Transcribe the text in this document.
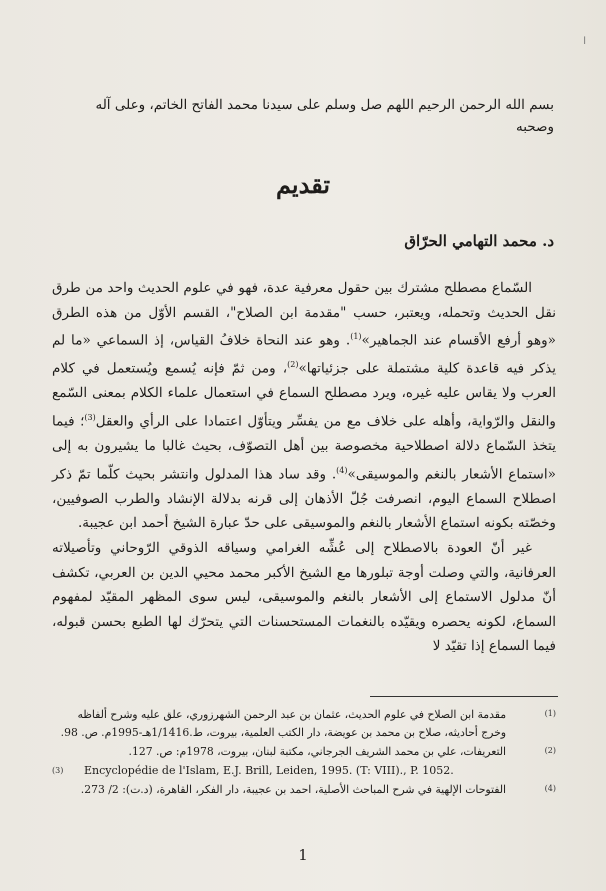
ا
بسم الله الرحمن الرحيم اللهم صل وسلم على سيدنا محمد الفاتح الخاتم، وعلى آله وصحبه
تقديم
د. محمد التهامي الحرّاق

السّماع مصطلح مشترك بين حقول معرفية عدة، فهو في علوم الحديث واحد من طرق نقل الحديث وتحمله، ويعتبر، حسب "مقدمة ابن الصلاح"، القسم الأوّل من هذه الطرق «وهو أرفع الأقسام عند الجماهير»$^{(1)}$. وهو عند النحاة خلافُ القياس، إذ السماعي «ما لم يذكر فيه قاعدة كلية مشتملة على جزئياتها»$^{(2)}$، ومن ثمّ فإنه يُسمع ويُستعمل في كلام العرب ولا يقاس عليه غيره، ويرد مصطلح السماع في استعمال علماء الكلام بمعنى السّمع والنقل والرّواية، وأهله على خلاف مع من يفسِّر ويتأوّل اعتمادا على الرأي والعقل$^{(3)}$؛ فيما يتخذ السّماع دلالة اصطلاحية مخصوصة بين أهل التصوّف، بحيث غالبا ما يشيرون به إلى «استماع الأشعار بالنغم والموسيقى»$^{(4)}$. وقد ساد هذا المدلول وانتشر بحيث كلّما تمّ ذكر اصطلاح السماع اليوم، انصرفت جُلّ الأذهان إلى قرنه بدلالة الإنشاد والطرب الصوفيين، وخصّته بكونه استماع الأشعار بالنغم والموسيقى على حدّ عبارة الشيخ أحمد ابن عجيبة.

غير أنّ العودة بالاصطلاح إلى عُشِّه الغرامي وسياقه الذوقي الرّوحاني وتأصيلاته العرفانية، والتي وصلت أوجة تبلورها مع الشيخ الأكبر محمد محيي الدين بن العربي، تكشف أنّ مدلول الاستماع إلى الأشعار بالنغم والموسيقى، ليس سوى المظهر المقيّد لمفهوم السماع، لكونه يحصره ويقيّده بالنغمات المستحسنات التي يتحرّك لها الطبع بحسن قبوله، فيما السماع إذا تقيّد لا

(1)
مقدمة ابن الصلاح في علوم الحديث، عثمان بن عبد الرحمن الشهرزوري، علق عليه وشرح ألفاظه وخرج أحاديثه، صلاح بن محمد بن عويضة، دار الكتب العلمية، بيروت، ط.1/1416هـ-1995م. ص. 98.
(2)
التعريفات، علي بن محمد الشريف الجرجاني، مكتبة لبنان، بيروت، 1978م: ص. 127.
(3) Encyclopédie de l'Islam, E.J. Brill, Leiden, 1995. (T: VIII)., P. 1052.
(4)
الفتوحات الإلهية في شرح المباحث الأصلية، احمد بن عجيبة، دار الفكر، القاهرة، (د.ت): 2/ 273.
1
